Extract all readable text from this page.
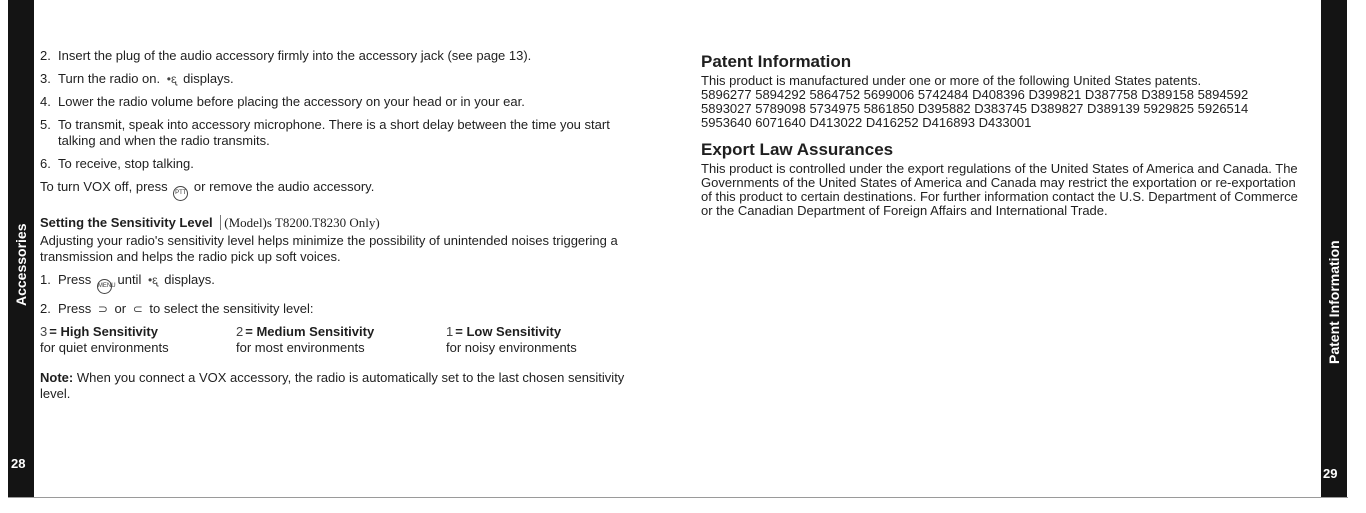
Accessories
28
Patent Information
29
2. Insert the plug of the audio accessory firmly into the accessory jack (see page 13).
3. Turn the radio on. •ᶓ displays.
4. Lower the radio volume before placing the accessory on your head or in your ear.
5. To transmit, speak into accessory microphone. There is a short delay between the time you start talking and when the radio transmits.
6. To receive, stop talking.
To turn VOX off, press PTT or remove the audio accessory.
Setting the Sensitivity Level (Model)s T8200.T8230 Only)
Adjusting your radio's sensitivity level helps minimize the possibility of unintended noises triggering a transmission and helps the radio pick up soft voices.
1. Press MENU until •ᶓ displays.
2. Press ⊃ or ⊂ to select the sensitivity level:
3 = High Sensitivity
for quiet environments
2 = Medium Sensitivity
for most environments
1 = Low Sensitivity
for noisy environments
Note: When you connect a VOX accessory, the radio is automatically set to the last chosen sensitivity level.
Patent Information
This product is manufactured under one or more of the following United States patents.
5896277 5894292 5864752 5699006 5742484 D408396 D399821 D387758 D389158 5894592 5893027 5789098 5734975 5861850 D395882 D383745 D389827 D389139 5929825 5926514 5953640 6071640 D413022 D416252 D416893 D433001
Export Law Assurances
This product is controlled under the export regulations of the United States of America and Canada. The Governments of the United States of America and Canada may restrict the exportation or re-exportation of this product to certain destinations. For further information contact the U.S. Department of Commerce or the Canadian Department of Foreign Affairs and International Trade.
